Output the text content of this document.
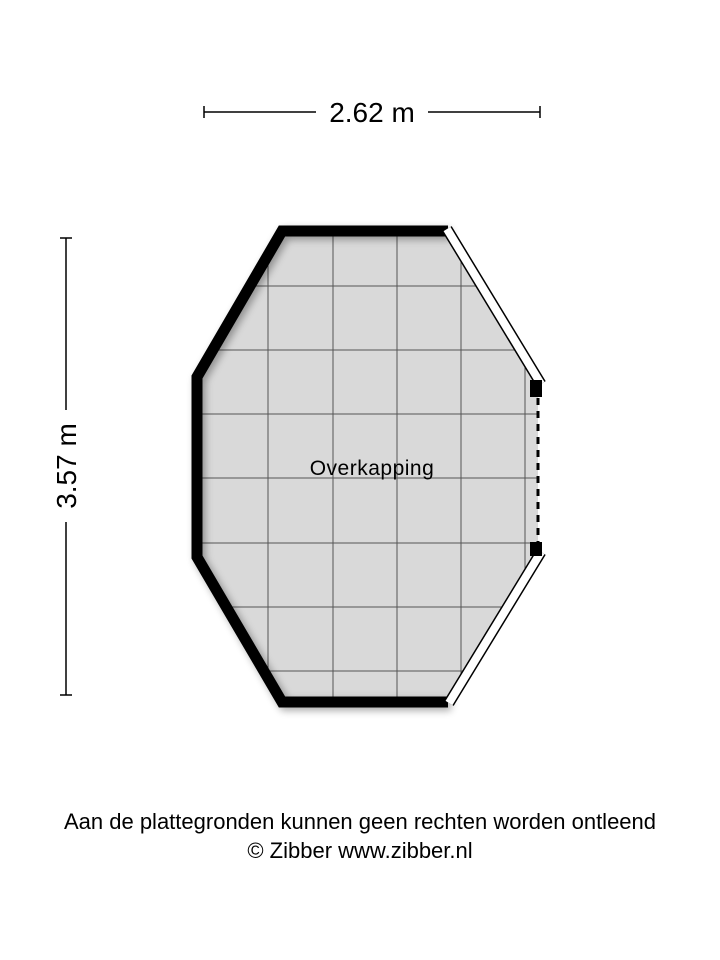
2.62 m
3.57 m	Overkapping
Aan de plattegronden kunnen geen rechten worden ontleend
© Zibber www.zibber.nl
